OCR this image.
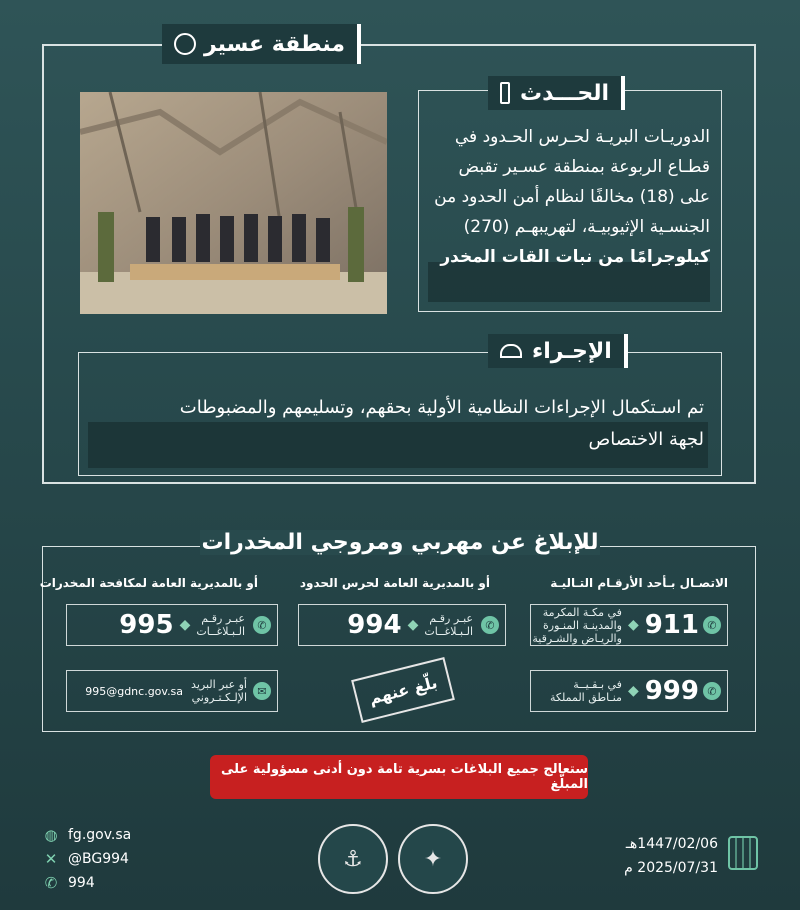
منطقة عسير
الحـــدث
الدوريـات البريـة لحـرس الحـدود في
قطـاع الربوعة بمنطقة عسـير تقبض
على (18) مخالفًا لنظام أمن الحدود من
الجنسـية الإثيوبيـة، لتهريبهـم (270)
كيلوجرامًا من نبات القات المخدر
الإجـراء
تم اسـتكمال الإجراءات النظامية الأولية بحقهم، وتسليمهم والمضبوطات
لجهة الاختصاص
للإبلاغ عن مهربي ومروجي المخدرات
الاتصـال بـأحد الأرقـام التـاليـة
أو بالمديرية العامة لحرس الحدود
أو بالمديرية العامة لمكافحة المخدرات
✆
911
◆
في مكـة المكرمة
والمدينـة المنـورة
والريـاض والشـرقية
✆
999
◆
في بـقـيــة
منـاطق المملكة
✆
عبـر رقـم
الـبـلاغــات
◆
994
✆
عبـر رقـم
الـبـلاغــات
◆
995
✉
أو عبر البريد
الإلـكـتـروني
995@gdnc.gov.sa	بلّغ عنهم
ستعالج جميع البلاغات بسرية تامة دون أدنى مسؤولية على المبلّغ
◍ fg.gov.sa
✕ @BG994
✆ 994
⚓	✦
1447/02/06هـ
2025/07/31 م
